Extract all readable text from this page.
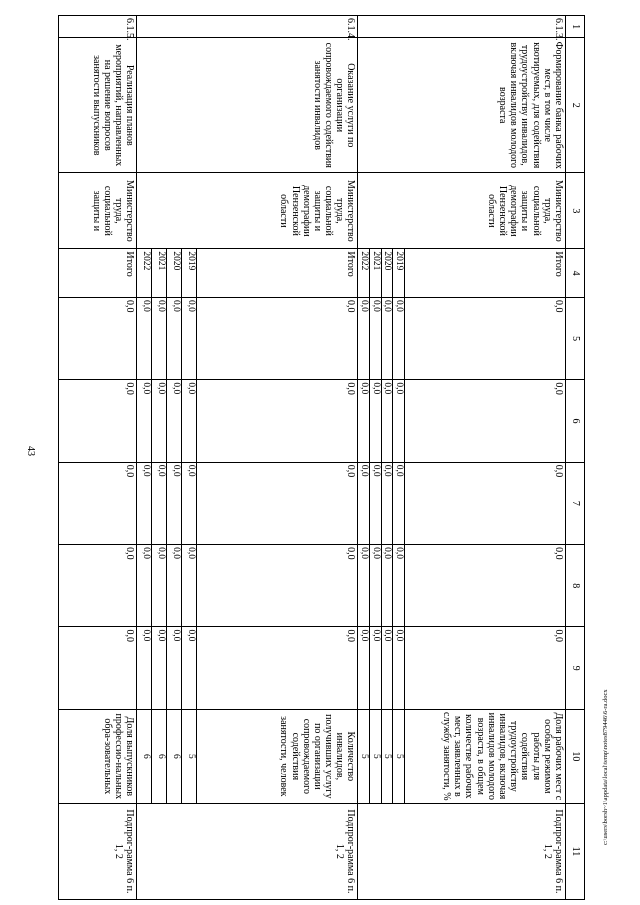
43
c:\users\borsh~1\appdata\local\temp\notes879446\6-ra.docx
1	2	3	4	5	6	7	8	9	10	11
6.1.3.	Формирование банка рабочих мест, в том числе квотируемых, для содействия трудоустройству инвалидов, включая инвалидов молодого возраста	Министерство труда, социальной защиты и демографии Пензенской области	Итого	0,0	0,0	0,0	0,0	0,0	Доля рабочих мест с особым режимом работы для содействия трудоустройству инвалидов, включая инвалидов молодого возраста, в общем количестве рабочих мест, заявленных в службу занятости, %	Подпрог-рамма 6 п. 1, 2
			2019	0,0	0,0	0,0	0,0	0,0	5	
			2020	0,0	0,0	0,0	0,0	0,0	5	
			2021	0,0	0,0	0,0	0,0	0,0	5	
			2022	0,0	0,0	0,0	0,0	0,0	5	
6.1.4.	Оказание услуги по организации сопровождаемого содействия занятости инвалидов	Министерство труда, социальной защиты и демографии Пензенской области	Итого	0,0	0,0	0,0	0,0	0,0	Количество инвалидов, получивших услугу по организации сопровождаемого содействия занятости, человек	Подпрог-рамма 6 п. 1, 2
			2019	0,0	0,0	0,0	0,0	0,0	5	
			2020	0,0	0,0	0,0	0,0	0,0	6	
			2021	0,0	0,0	0,0	0,0	0,0	6	
			2022	0,0	0,0	0,0	0,0	0,0	6	
6.1.5.	Реализация планов мероприятий, направленных на решение вопросов занятости выпускников	Министерство труда, социальной защиты и	Итого	0,0	0,0	0,0	0,0	0,0	Доля выпускников профессио-нальных обра-зовательных	Подпрог-рамма 6 п. 1, 2
